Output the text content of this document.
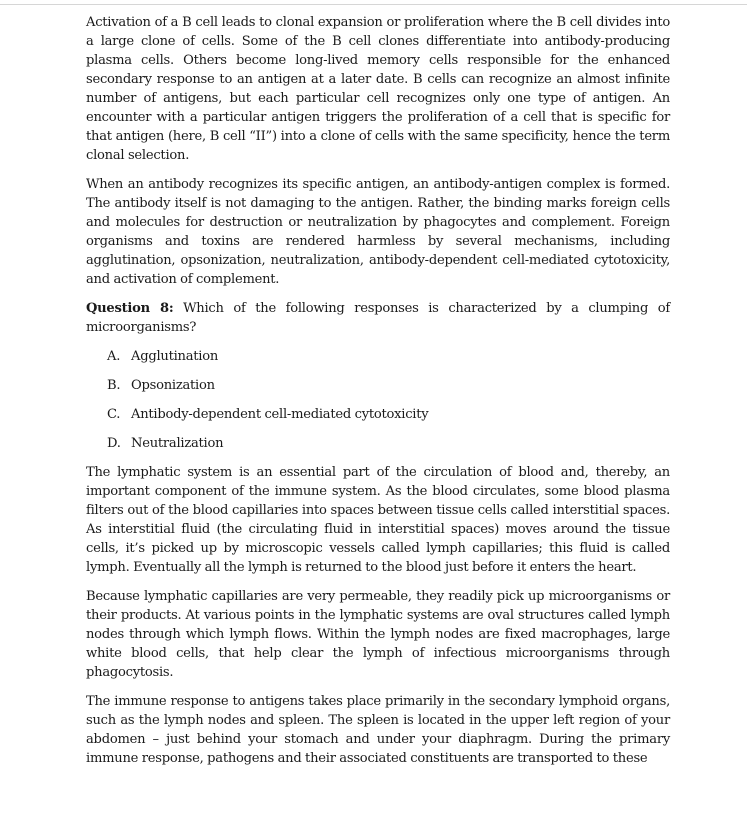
Activation of a B cell leads to clonal expansion or proliferation where the B cell divides into a large clone of cells. Some of the B cell clones differentiate into antibody-producing plasma cells. Others become long-lived memory cells responsible for the enhanced secondary response to an antigen at a later date. B cells can recognize an almost infinite number of antigens, but each particular cell recognizes only one type of antigen. An encounter with a particular antigen triggers the proliferation of a cell that is specific for that antigen (here, B cell “II”) into a clone of cells with the same specificity, hence the term clonal selection.

When an antibody recognizes its specific antigen, an antibody-antigen complex is formed. The antibody itself is not damaging to the antigen. Rather, the binding marks foreign cells and molecules for destruction or neutralization by phagocytes and complement. Foreign organisms and toxins are rendered harmless by several mechanisms, including agglutination, opsonization, neutralization, antibody-dependent cell-mediated cytotoxicity, and activation of complement.

Question 8: Which of the following responses is characterized by a clumping of microorganisms?

A. Agglutination
B. Opsonization
C. Antibody-dependent cell-mediated cytotoxicity
D. Neutralization

The lymphatic system is an essential part of the circulation of blood and, thereby, an important component of the immune system. As the blood circulates, some blood plasma filters out of the blood capillaries into spaces between tissue cells called interstitial spaces. As interstitial fluid (the circulating fluid in interstitial spaces) moves around the tissue cells, it’s picked up by microscopic vessels called lymph capillaries; this fluid is called lymph. Eventually all the lymph is returned to the blood just before it enters the heart.

Because lymphatic capillaries are very permeable, they readily pick up microorganisms or their products. At various points in the lymphatic systems are oval structures called lymph nodes through which lymph flows. Within the lymph nodes are fixed macrophages, large white blood cells, that help clear the lymph of infectious microorganisms through phagocytosis.

The immune response to antigens takes place primarily in the secondary lymphoid organs, such as the lymph nodes and spleen. The spleen is located in the upper left region of your abdomen – just behind your stomach and under your diaphragm. During the primary immune response, pathogens and their associated constituents are transported to these
